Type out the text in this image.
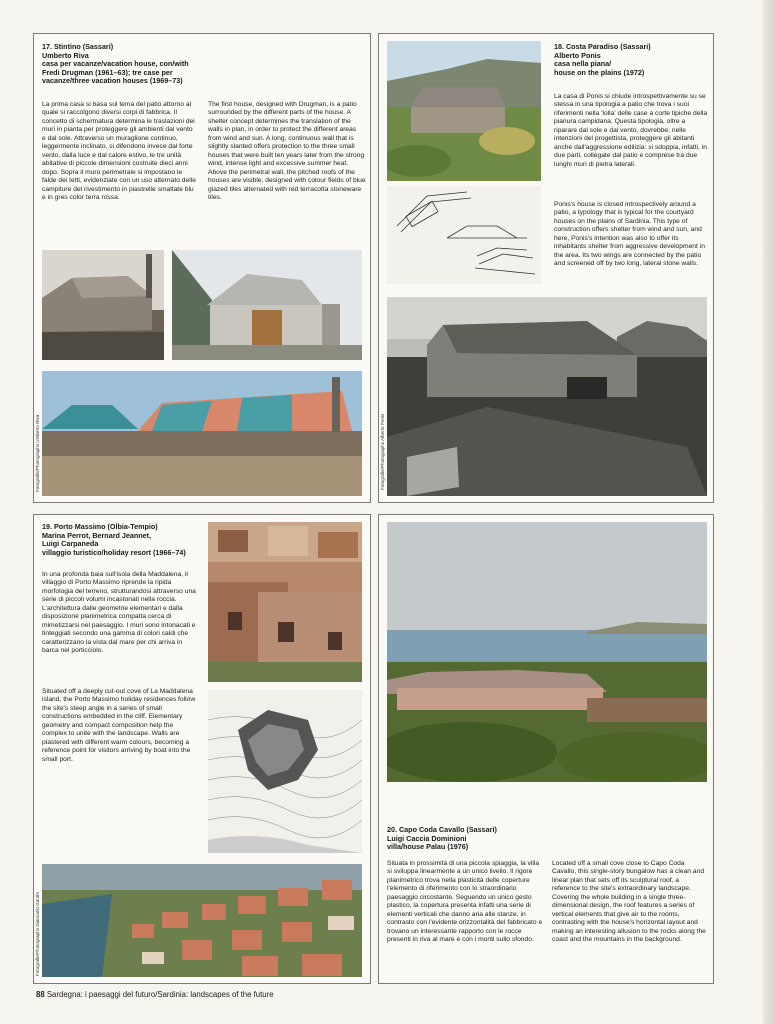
17. Stintino (Sassari)
Umberto Riva
casa per vacanze/vacation house, con/with
Fredi Drugman (1961–63); tre case per
vacanze/three vacation houses (1969–73)
La prima casa si basa sul tema del patio attorno al quale si raccolgono diversi corpi di fabbrica. Il concetto di schermatura determina le traslazioni dei muri in pianta per proteggere gli ambienti dal vento e dal sole. Attraverso un muraglione continuo, leggermente inclinato, si difendono invece dal forte vento, dalla luce e dal calore estivo, le tre unità abitative di piccole dimensioni costruite dieci anni dopo. Sopra il muro perimetrale si impostano le falde dei tetti, evidenziate con un uso alternato delle campiture del rivestimento in piastrelle smaltate blu e in gres color terra rossa.
The first house, designed with Drugman, is a patio surrounded by the different parts of the house. A shelter concept determines the translation of the walls in plan, in order to protect the different areas from wind and sun. A long, continuous wall that is slightly slanted offers protection to the three small houses that were built ten years later from the strong wind, intense light and excessive summer heat. Above the perimetral wall, the pitched roofs of the houses are visible, designed with colour fields of blue glazed tiles alternated with red terracotta stoneware tiles.
Fotografie/Photographs Umberto Riva
18. Costa Paradiso (Sassari)
Alberto Ponis
casa nella piana/
house on the plains (1972)
La casa di Ponis si chiude introspettivamente su se stessa in una tipologia a patio che trova i suoi riferimenti nella 'lolla' delle case a corte tipiche della pianura campidana. Questa tipologia, oltre a riparare dal sole e dal vento, dovrebbe, nelle intenzioni del progettista, proteggere gli abitanti anche dall'aggressione edilizia: si sdoppia, infatti, in due parti, collegate dal patio e comprese tra due lunghi muri di pietra laterali.
Ponis's house is closed introspectively around a patio, a typology that is typical for the courtyard houses on the plains of Sardinia. This type of construction offers shelter from wind and sun, and here, Ponis's intention was also to offer its inhabitants shelter from aggressive development in the area. Its two wings are connected by the patio and screened off by two long, lateral stone walls.
Fotografie/Photographs Alberto Ponis
19. Porto Massimo (Olbia-Tempio)
Marina Perrot, Bernard Jeannet,
Luigi Carpaneda
villaggio turistico/holiday resort (1966–74)
In una profonda baia sull'isola della Maddalena, il villaggio di Porto Massimo riprende la ripida morfologia del terreno, strutturandosi attraverso una serie di piccoli volumi incastonati nella roccia. L'architettura dalle geometrie elementari e dalla disposizione planimetrica compatta cerca di mimetizzarsi nel paesaggio. I muri sono intonacati e tinteggiati secondo una gamma di colori caldi che caratterizzano la vista dal mare per chi arriva in barca nel porticciolo.
Situated off a deeply cut-out cove of La Maddalena island, the Porto Massimo holiday residences follow the site's steep angle in a series of small constructions embedded in the cliff. Elementary geometry and compact composition help the complex to unite with the landscape. Walls are plastered with different warm colours, becoming a reference point for visitors arriving by boat into the small port.
Fotografie/Photographs Giancarlo Gardin
20. Capo Coda Cavallo (Sassari)
Luigi Caccia Dominioni
villa/house Palau (1976)
Situata in prossimità di una piccola spiaggia, la villa si sviluppa linearmente a un unico livello. Il rigore planimetrico trova nella plasticità delle coperture l'elemento di riferimento con lo straordinario paesaggio circostante. Seguendo un unico gesto plastico, la copertura presenta infatti una serie di elementi verticali che danno aria alle stanze, in contrasto con l'evidente orizzontalità del fabbricato e trovano un interessante rapporto con le rocce presenti in riva al mare e con i monti sullo sfondo.
Located off a small cove close to Capo Coda Cavallo, this single-story bungalow has a clean and linear plan that sets off its sculptural roof, a reference to the site's extraordinary landscape. Covering the whole building in a single three-dimensional design, the roof features a series of vertical elements that give air to the rooms, contrasting with the house's horizontal layout and making an interesting allusion to the rocks along the coast and the mountains in the background.
88 Sardegna: i paesaggi del futuro/Sardinia: landscapes of the future
